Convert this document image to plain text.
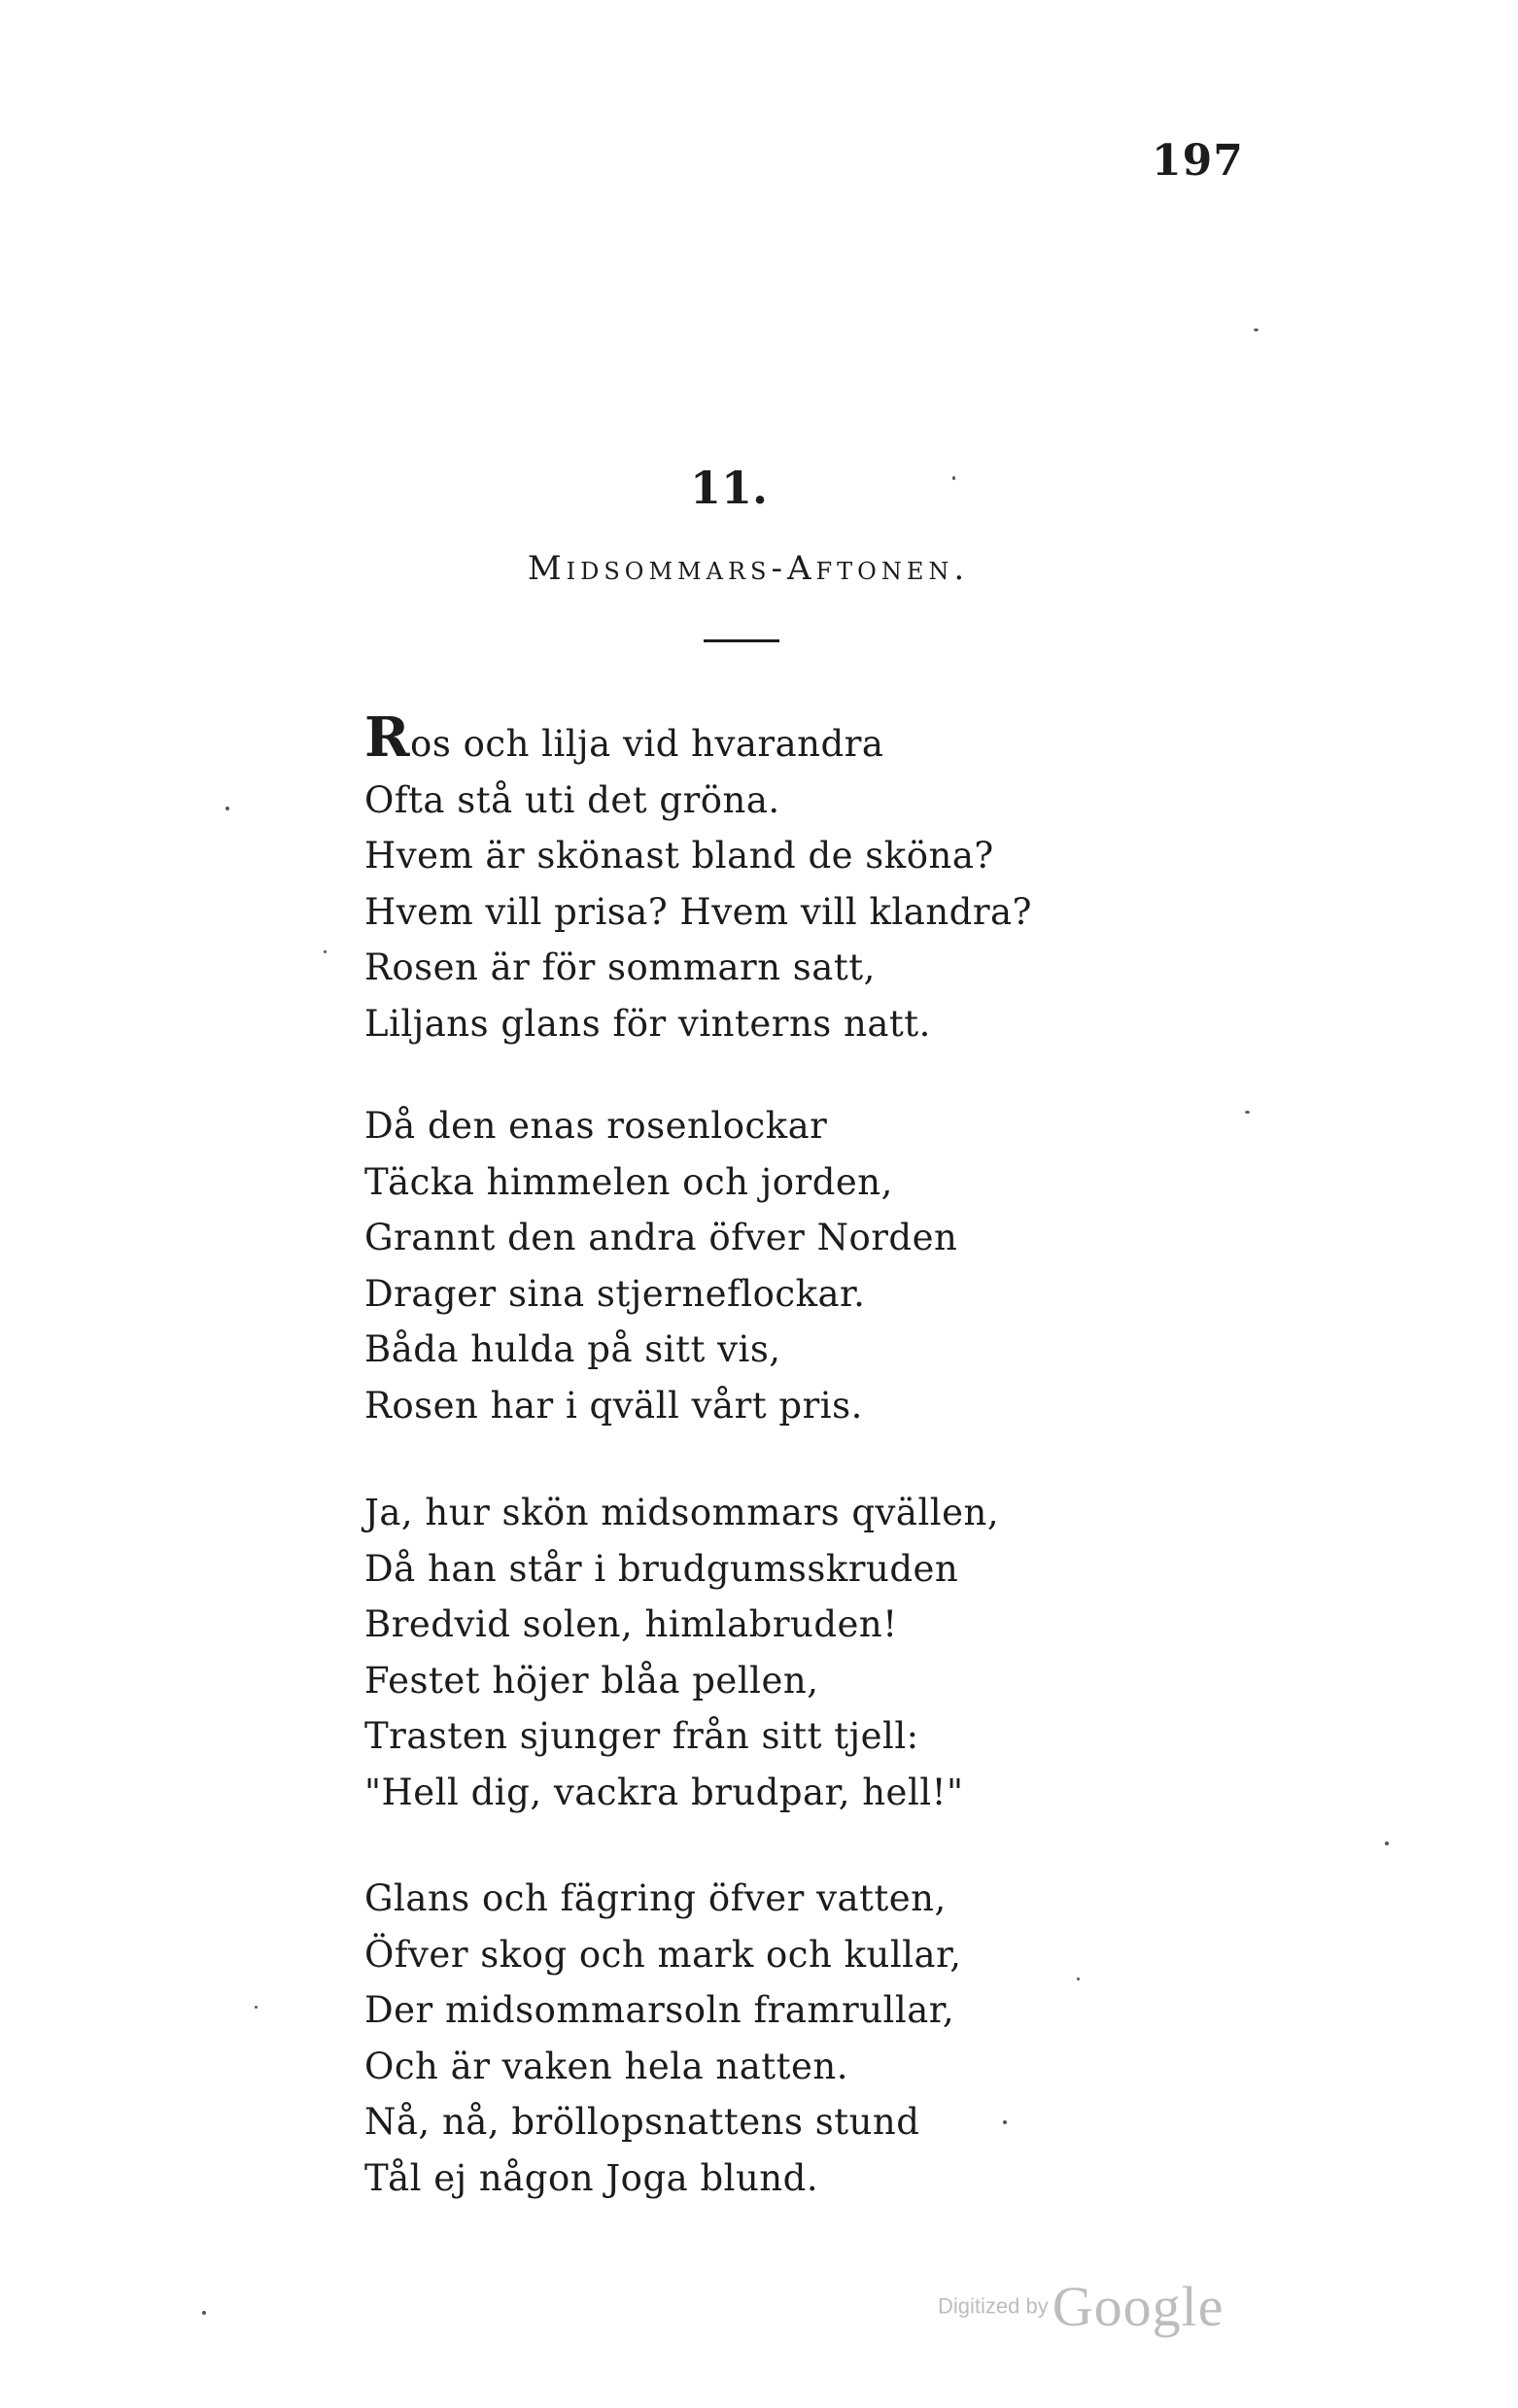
197
11.
Midsommars-Aftonen.
Ros och lilja vid hvarandra
Ofta stå uti det gröna.
Hvem är skönast bland de sköna?
Hvem vill prisa? Hvem vill klandra?
Rosen är för sommarn satt,
Liljans glans för vinterns natt.
Då den enas rosenlockar
Täcka himmelen och jorden,
Grannt den andra öfver Norden
Drager sina stjerneflockar.
Båda hulda på sitt vis,
Rosen har i qväll vårt pris.
Ja, hur skön midsommars qvällen,
Då han står i brudgumsskruden
Bredvid solen, himlabruden!
Festet höjer blåa pellen,
Trasten sjunger från sitt tjell:
"Hell dig, vackra brudpar, hell!"
Glans och fägring öfver vatten,
Öfver skog och mark och kullar,
Der midsommarsoln framrullar,
Och är vaken hela natten.
Nå, nå, bröllopsnattens stund
Tål ej någon Joga blund.
Digitized byGoogle
